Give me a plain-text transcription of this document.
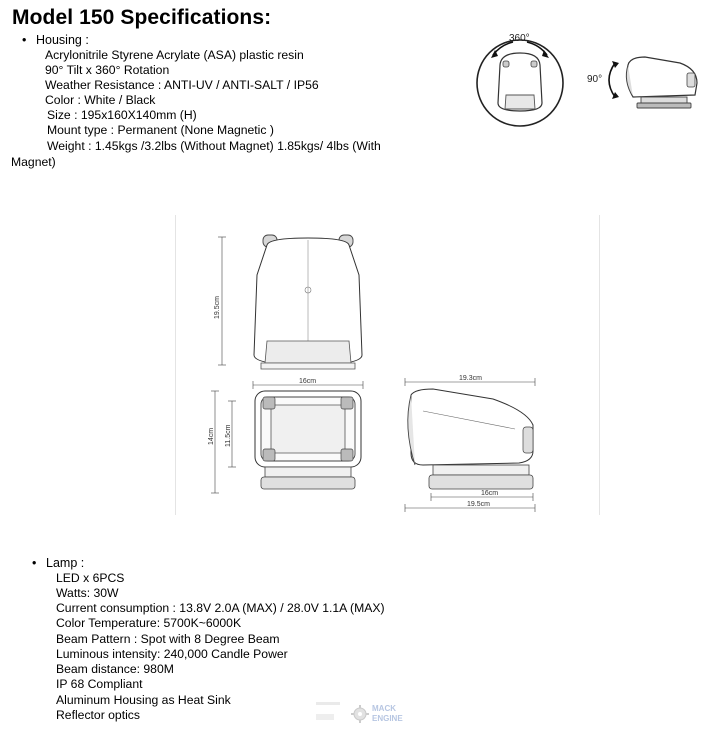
Model 150 Specifications:
• Housing :
Acrylonitrile Styrene Acrylate (ASA) plastic resin
90° Tilt x 360° Rotation
Weather Resistance : ANTI-UV / ANTI-SALT / IP56
Color : White / Black
Size : 195x160X140mm (H)
Mount type : Permanent (None Magnetic )
Weight : 1.45kgs /3.2lbs (Without Magnet) 1.85kgs/ 4lbs (With
Magnet)
360°
90°
19.5cm
16cm
14cm 11.5cm
19.3cm
16cm
19.5cm
• Lamp :
LED x 6PCS
Watts: 30W
Current consumption : 13.8V 2.0A (MAX) / 28.0V 1.1A (MAX)
Color Temperature: 5700K~6000K
Beam Pattern : Spot with 8 Degree Beam
Luminous intensity: 240,000 Candle Power
Beam distance: 980M
IP 68 Compliant
Aluminum Housing as Heat Sink
Reflector optics	MACK
ENGINE
